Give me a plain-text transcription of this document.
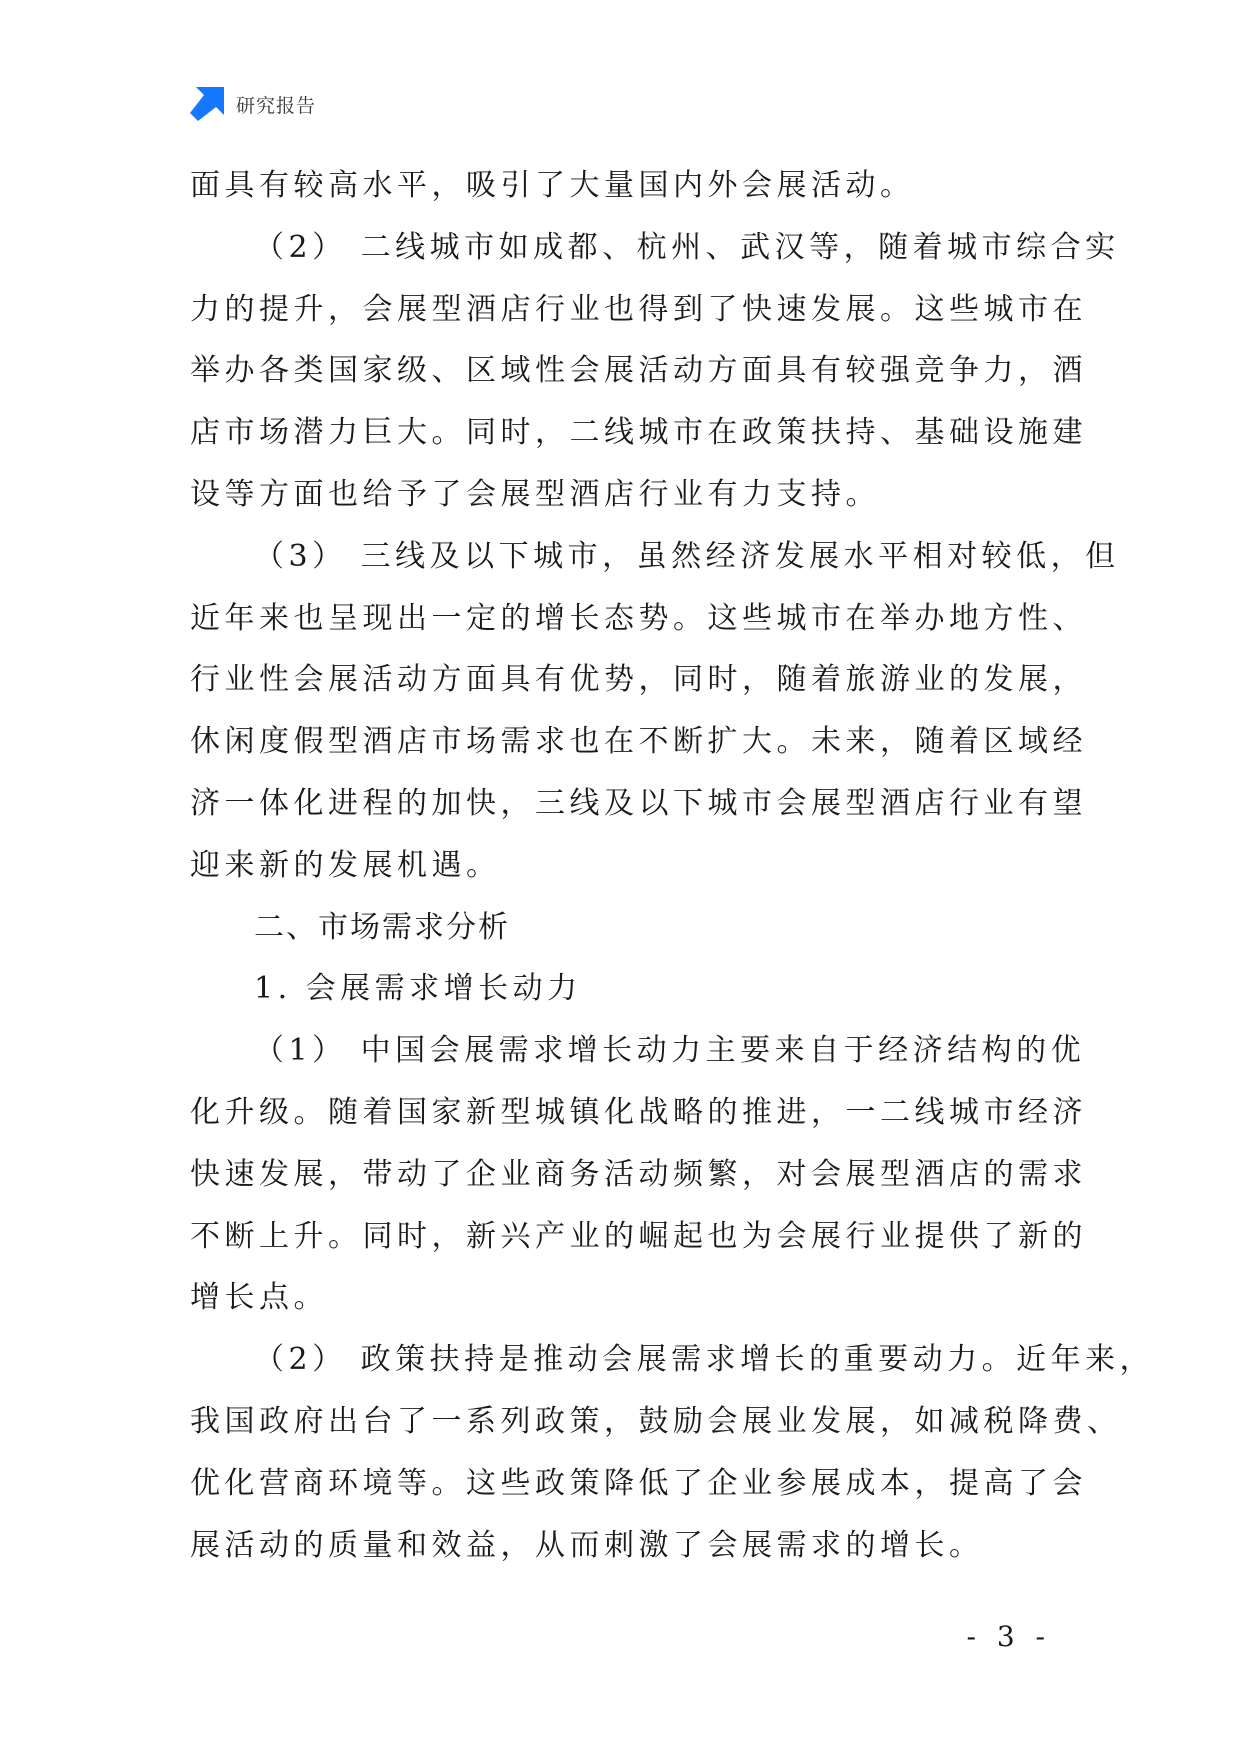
研究报告
面具有较高水平，吸引了大量国内外会展活动。
（2） 二线城市如成都、杭州、武汉等，随着城市综合实
力的提升，会展型酒店行业也得到了快速发展。这些城市在
举办各类国家级、区域性会展活动方面具有较强竞争力，酒
店市场潜力巨大。同时，二线城市在政策扶持、基础设施建
设等方面也给予了会展型酒店行业有力支持。
（3） 三线及以下城市，虽然经济发展水平相对较低，但
近年来也呈现出一定的增长态势。这些城市在举办地方性、
行业性会展活动方面具有优势，同时，随着旅游业的发展，
休闲度假型酒店市场需求也在不断扩大。未来，随着区域经
济一体化进程的加快，三线及以下城市会展型酒店行业有望
迎来新的发展机遇。
二、市场需求分析
1. 会展需求增长动力
（1） 中国会展需求增长动力主要来自于经济结构的优
化升级。随着国家新型城镇化战略的推进，一二线城市经济
快速发展，带动了企业商务活动频繁，对会展型酒店的需求
不断上升。同时，新兴产业的崛起也为会展行业提供了新的
增长点。
（2） 政策扶持是推动会展需求增长的重要动力。近年来，
我国政府出台了一系列政策，鼓励会展业发展，如减税降费、
优化营商环境等。这些政策降低了企业参展成本，提高了会
展活动的质量和效益，从而刺激了会展需求的增长。
- 3 -
